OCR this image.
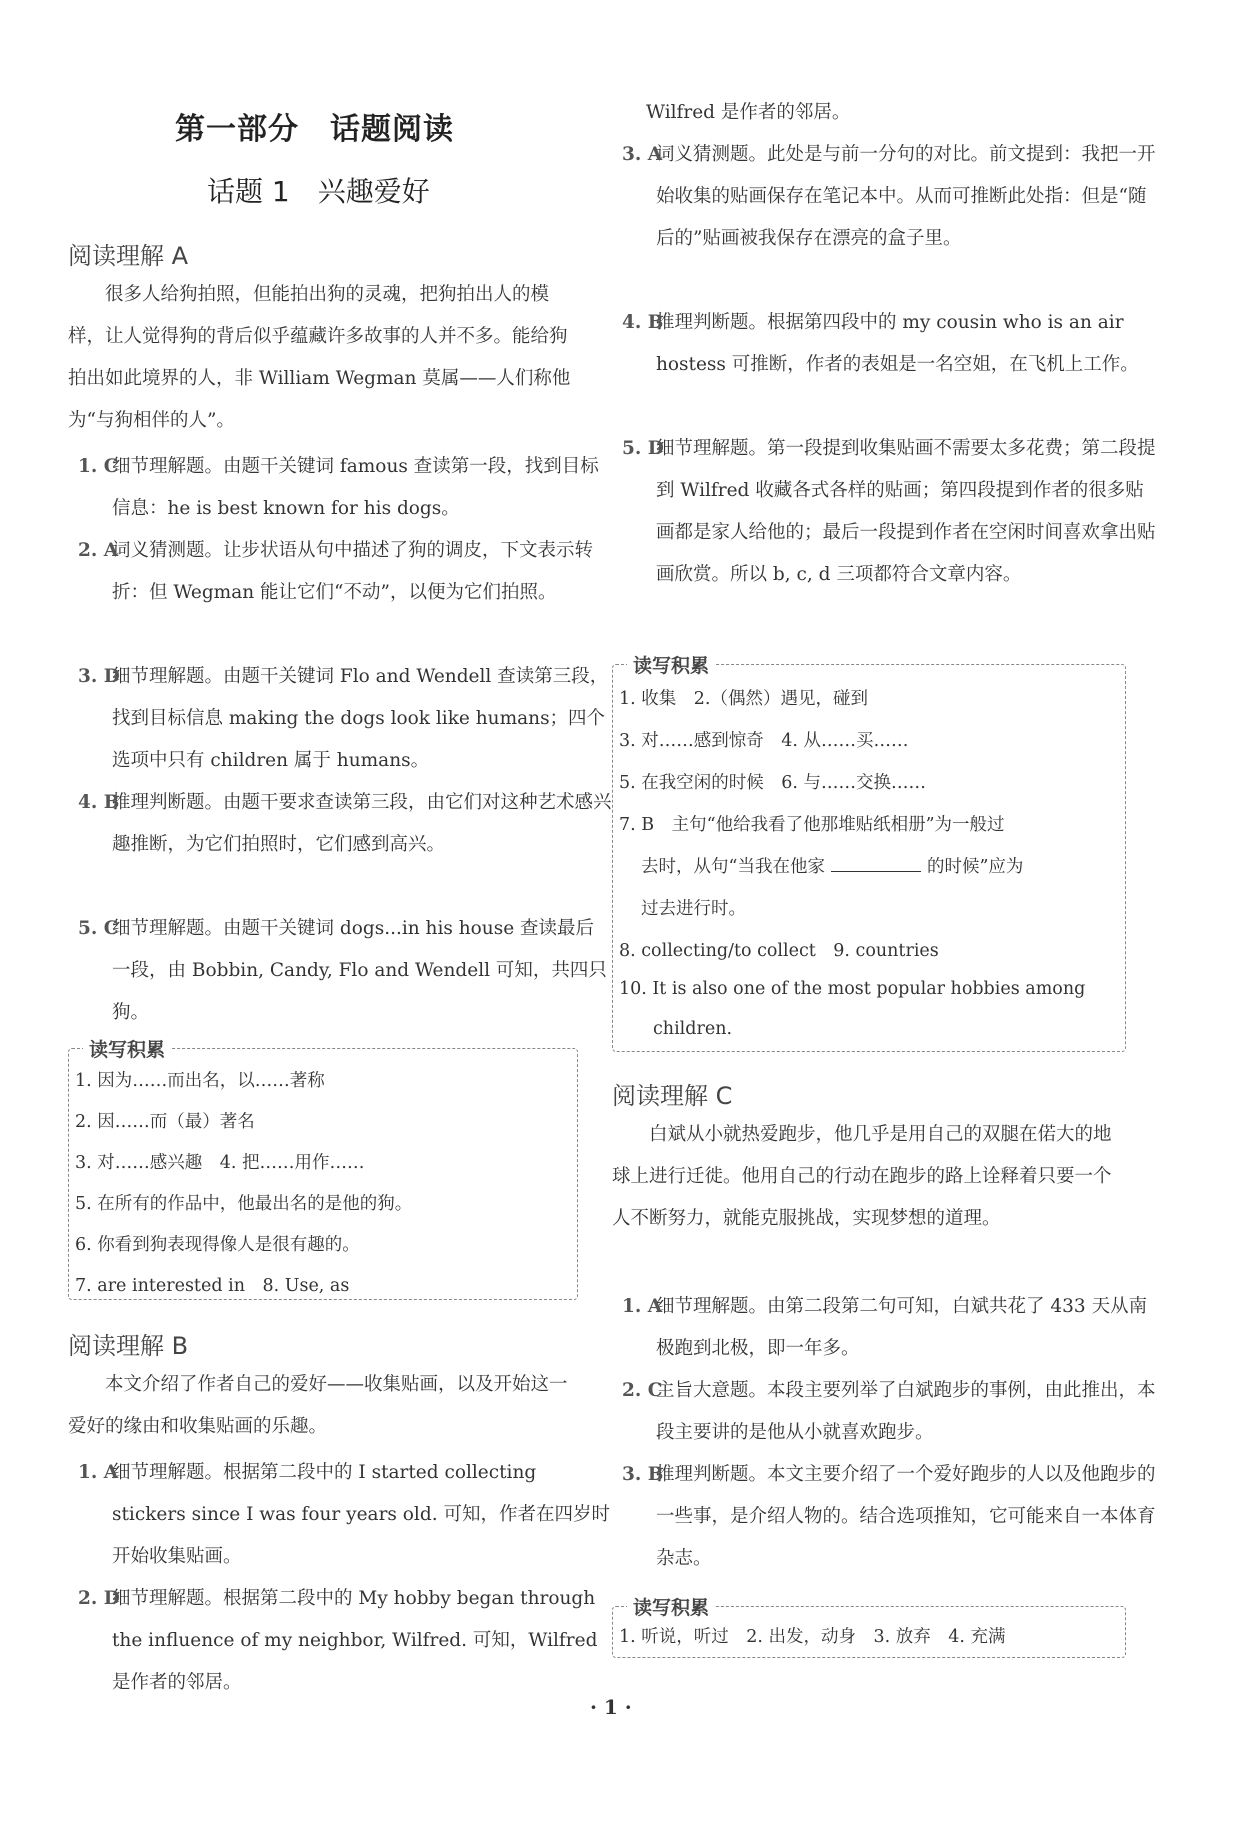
第一部分　话题阅读
话题 1　兴趣爱好
阅读理解 A
很多人给狗拍照，但能拍出狗的灵魂，把狗拍出人的模样，让人觉得狗的背后似乎蕴藏许多故事的人并不多。能给狗拍出如此境界的人，非 William Wegman 莫属——人们称他为“与狗相伴的人”。
1. C
细节理解题。由题干关键词 famous 查读第一段，找到目标信息：he is best known for his dogs。
2. A
词义猜测题。让步状语从句中描述了狗的调皮，下文表示转折：但 Wegman 能让它们“不动”，以便为它们拍照。
3. D
细节理解题。由题干关键词 Flo and Wendell 查读第三段，找到目标信息 making the dogs look like humans；四个选项中只有 children 属于 humans。
4. B
推理判断题。由题干要求查读第三段，由它们对这种艺术感兴趣推断，为它们拍照时，它们感到高兴。
5. C
细节理解题。由题干关键词 dogs...in his house 查读最后一段，由 Bobbin, Candy, Flo and Wendell 可知，共四只狗。
读写积累
1. 因为……而出名，以……著称
2. 因……而（最）著名
3. 对……感兴趣　4. 把……用作……
5. 在所有的作品中，他最出名的是他的狗。
6. 你看到狗表现得像人是很有趣的。
7. are interested in　8. Use, as
阅读理解 B
本文介绍了作者自己的爱好——收集贴画，以及开始这一爱好的缘由和收集贴画的乐趣。
1. A
细节理解题。根据第二段中的 I started collecting stickers since I was four years old. 可知，作者在四岁时开始收集贴画。
2. D
细节理解题。根据第二段中的 My hobby began through the influence of my neighbor, Wilfred. 可知，Wilfred 是作者的邻居。
Wilfred 是作者的邻居。
3. A
词义猜测题。此处是与前一分句的对比。前文提到：我把一开始收集的贴画保存在笔记本中。从而可推断此处指：但是“随后的”贴画被我保存在漂亮的盒子里。
4. B
推理判断题。根据第四段中的 my cousin who is an air hostess 可推断，作者的表姐是一名空姐，在飞机上工作。
5. D
细节理解题。第一段提到收集贴画不需要太多花费；第二段提到 Wilfred 收藏各式各样的贴画；第四段提到作者的很多贴画都是家人给他的；最后一段提到作者在空闲时间喜欢拿出贴画欣赏。所以 b, c, d 三项都符合文章内容。
读写积累
1. 收集　2.（偶然）遇见，碰到
3. 对……感到惊奇　4. 从……买……
5. 在我空闲的时候　6. 与……交换……
7. B　主句“他给我看了他那堆贴纸相册”为一般过
去时，从句“当我在他家	的时候”应为
过去进行时。
8. collecting/to collect　9. countries
10. It is also one of the most popular hobbies among
children.
阅读理解 C
白斌从小就热爱跑步，他几乎是用自己的双腿在偌大的地球上进行迁徙。他用自己的行动在跑步的路上诠释着只要一个人不断努力，就能克服挑战，实现梦想的道理。
1. A
细节理解题。由第二段第二句可知，白斌共花了 433 天从南极跑到北极，即一年多。
2. C
主旨大意题。本段主要列举了白斌跑步的事例，由此推出，本段主要讲的是他从小就喜欢跑步。
3. B
推理判断题。本文主要介绍了一个爱好跑步的人以及他跑步的一些事，是介绍人物的。结合选项推知，它可能来自一本体育杂志。
读写积累
1. 听说，听过　2. 出发，动身　3. 放弃　4. 充满
· 1 ·
